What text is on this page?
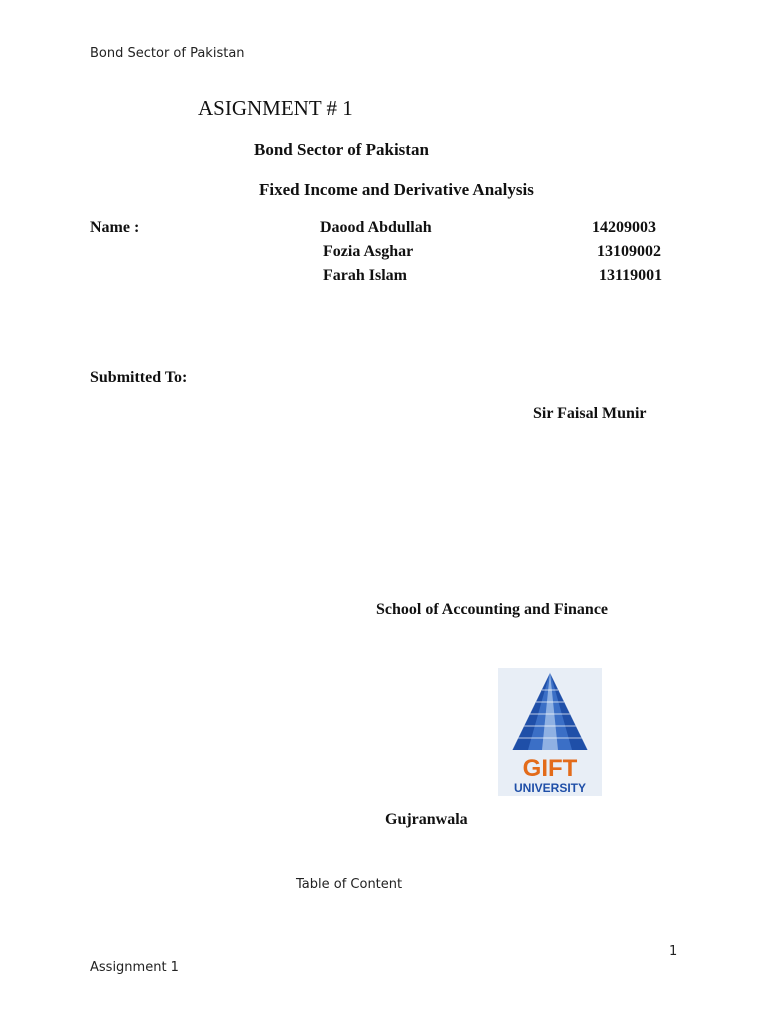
Bond Sector of Pakistan
ASIGNMENT # 1
Bond Sector of Pakistan
Fixed Income and Derivative Analysis
Name :	Daood Abdullah	14209003
Fozia Asghar	13109002
Farah Islam	13119001
Submitted To:
Sir Faisal Munir
School of Accounting and Finance
GIFT
UNIVERSITY
Gujranwala
Table of Content
1
Assignment 1
